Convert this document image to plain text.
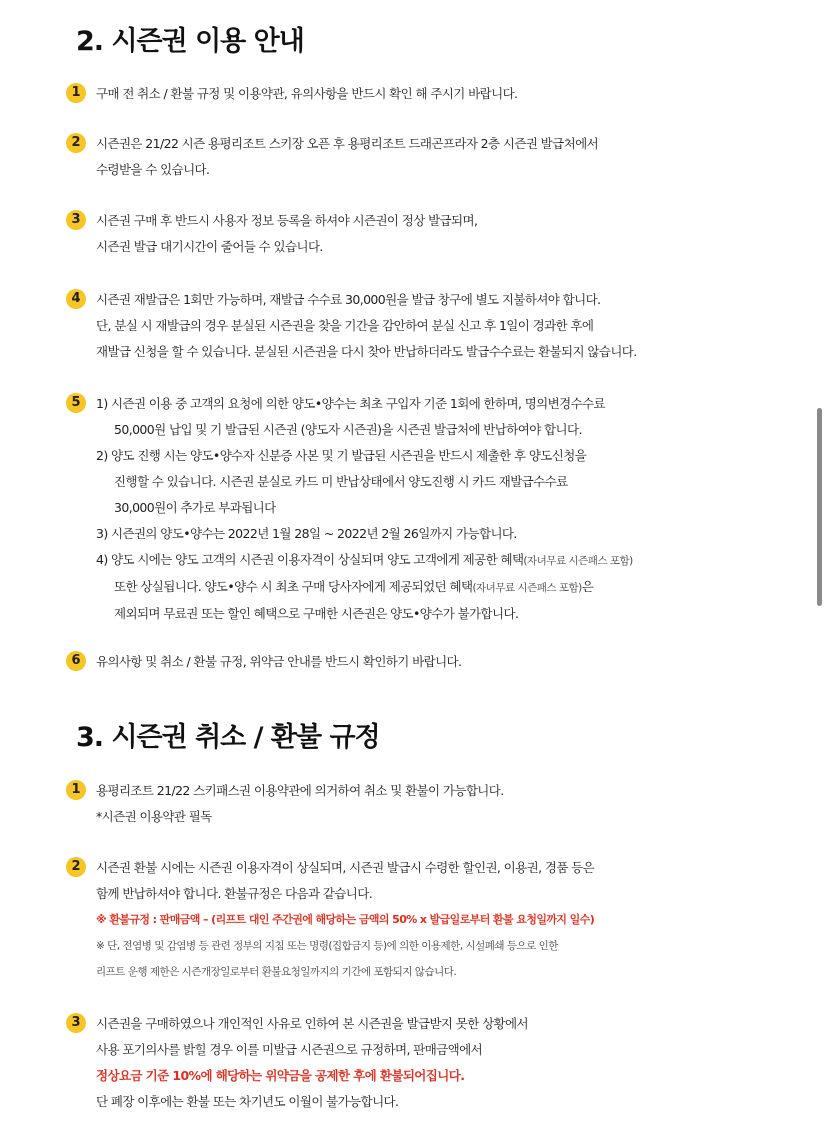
2. 시즌권 이용 안내
1	구매 전 취소 / 환불 규정 및 이용약관, 유의사항을 반드시 확인 해 주시기 바랍니다.
2	시즌권은 21/22 시즌 용평리조트 스키장 오픈 후 용평리조트 드래곤프라자 2층 시즌권 발급처에서
수령받을 수 있습니다.
3	시즌권 구매 후 반드시 사용자 정보 등록을 하셔야 시즌권이 정상 발급되며,
시즌권 발급 대기시간이 줄어들 수 있습니다.
4	시즌권 재발급은 1회만 가능하며, 재발급 수수료 30,000원을 발급 창구에 별도 지불하셔야 합니다.
단, 분실 시 재발급의 경우 분실된 시즌권을 찾을 기간을 감안하여 분실 신고 후 1일이 경과한 후에
재발급 신청을 할 수 있습니다. 분실된 시즌권을 다시 찾아 반납하더라도 발급수수료는 환불되지 않습니다.
5	1) 시즌권 이용 중 고객의 요청에 의한 양도•양수는 최초 구입자 기준 1회에 한하며, 명의변경수수료
50,000원 납입 및 기 발급된 시즌권 (양도자 시즌권)을 시즌권 발급처에 반납하여야 합니다.
2) 양도 진행 시는 양도•양수자 신분증 사본 및 기 발급된 시즌권을 반드시 제출한 후 양도신청을
진행할 수 있습니다. 시즌권 분실로 카드 미 반납상태에서 양도진행 시 카드 재발급수수료
30,000원이 추가로 부과됩니다
3) 시즌권의 양도•양수는 2022년 1월 28일 ~ 2022년 2월 26일까지 가능합니다.
4) 양도 시에는 양도 고객의 시즌권 이용자격이 상실되며 양도 고객에게 제공한 혜택(자녀무료 시즌패스 포함)
또한 상실됩니다. 양도•양수 시 최초 구매 당사자에게 제공되었던 혜택(자녀무료 시즌패스 포함)은
제외되며 무료권 또는 할인 혜택으로 구매한 시즌권은 양도•양수가 불가합니다.
6	유의사항 및 취소 / 환불 규정, 위약금 안내를 반드시 확인하기 바랍니다.
3. 시즌권 취소 / 환불 규정
1	용평리조트 21/22 스키패스권 이용약관에 의거하여 취소 및 환불이 가능합니다.
*시즌권 이용약관 필독
2	시즌권 환불 시에는 시즌권 이용자격이 상실되며, 시즌권 발급시 수령한 할인권, 이용권, 경품 등은
함께 반납하셔야 합니다. 환불규정은 다음과 같습니다.
※ 환불규정 : 판매금액 – (리프트 대인 주간권에 해당하는 금액의 50% x 발급일로부터 환불 요청일까지 일수)
※ 단, 전염병 및 감염병 등 관련 정부의 지침 또는 명령(집합금지 등)에 의한 이용제한, 시설폐쇄 등으로 인한
리프트 운행 제한은 시즌개장일로부터 환불요청일까지의 기간에 포함되지 않습니다.
3	시즌권을 구매하였으나 개인적인 사유로 인하여 본 시즌권을 발급받지 못한 상황에서
사용 포기의사를 밝힐 경우 이를 미발급 시즌권으로 규정하며, 판매금액에서
정상요금 기준 10%에 해당하는 위약금을 공제한 후에 환불되어집니다.
단 폐장 이후에는 환불 또는 차기년도 이월이 불가능합니다.
